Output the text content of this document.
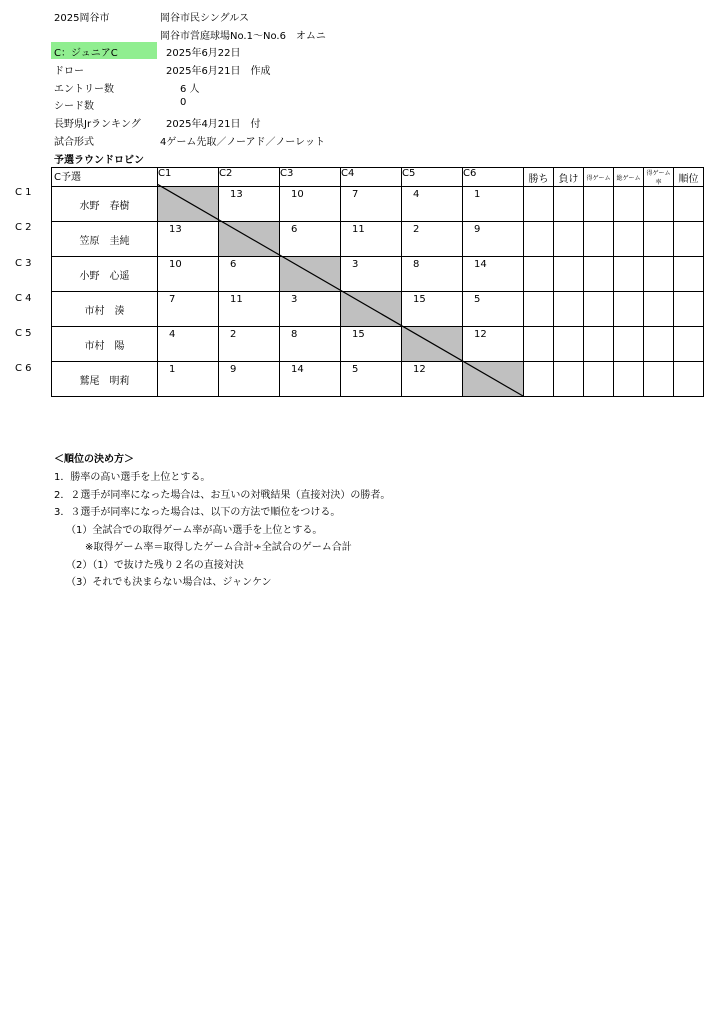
2025岡谷市	岡谷市民シングルス
岡谷市営庭球場No.1～No.6　オムニ
C：ジュニアC	2025年6月22日
ドロー	2025年6月21日　作成
エントリー数	6 人
シード数	0
長野県Jrランキング	2025年4月21日　付
試合形式	4ゲーム先取／ノーアド／ノーレット
予選ラウンドロビン
C 1
C 2
C 3
C 4
C 5
C 6
C予選	C1	C2	C3	C4	C5	C6	勝ち	負け	得ゲーム	総ゲーム	得ゲーム率	順位
水野　春樹		13	10	7	4	1						

笠原　圭純	13		6	11	2	9						

小野　心遥	10	6		3	8	14						

市村　湊	7	11	3		15	5						

市村　陽	4	2	8	15		12						

鷲尾　明莉	1	9	14	5	12							

＜順位の決め方＞
1．勝率の高い選手を上位とする。
2．２選手が同率になった場合は、お互いの対戦結果（直接対決）の勝者。
3．３選手が同率になった場合は、以下の方法で順位をつける。
（1）全試合での取得ゲーム率が高い選手を上位とする。
※取得ゲーム率＝取得したゲーム合計÷全試合のゲーム合計
（2）（1）で抜けた残り２名の直接対決
（3）それでも決まらない場合は、ジャンケン
